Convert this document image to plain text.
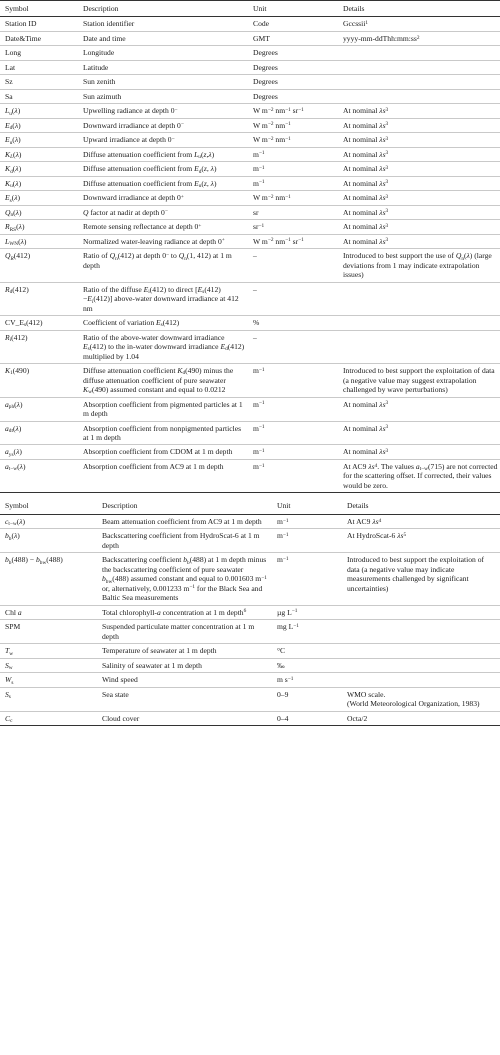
Symbol	Description	Unit	Details
Station ID	Station identifier	Code	Gccssii$^1$
Date&Time	Date and time	GMT	yyyy-$mm-ddThh:mm:ss^2$
Long	Longitude	Degrees	
Lat	Latitude	Degrees	
Sz	Sun zenith	Degrees	
Sa	Sun azimuth	Degrees	
$L_u(\lambda)$	Upwelling radiance at depth 0−	W $m^{-2}$ $nm^{-1}$ $sr^{-1}$	At nominal $\lambda s^3$
$E_d(\lambda)$	Downward irradiance at depth 0−	W $m^{-2}$ $nm^{-1}$	At nominal $\lambda s^3$
$E_u(\lambda)$	Upward irradiance at depth 0−	W $m^{-2}$ $nm^{-1}$	At nominal $\lambda s^3$
$K_L(\lambda)$	Diffuse attenuation coefficient from $L_u(z,\lambda)$	$m^{-1}$	At nominal $\lambda s^3$
$K_d(\lambda)$	Diffuse attenuation coefficient from $E_d(z$, λ)	$m^{-1}$	At nominal $\lambda s^3$
$K_u(\lambda)$	Diffuse attenuation coefficient from $E_u(z$, λ)	$m^{-1}$	At nominal $\lambda s^3$
$E_s(\lambda)$	Downward irradiance at depth 0+	W $m^{-2}$ $nm^{-1}$	At nominal $\lambda s^3$
$Q_n(\lambda)$	Q factor at nadir at depth 0−	sr	At nominal $\lambda s^3$
$R_{RS}(\lambda)$	Remote sensing reflectance at depth 0+	$sr^{-1}$	At nominal $\lambda s^3$
$L_{WN}(\lambda)$	Normalized water-leaving radiance at depth 0+	W $m^{-2}$ $nm^{-1}$ $sr^{-1}$	At nominal $\lambda s^3$
$Q_R(412)$	Ratio of $Q_n(412)$ at depth 0− to $Q_n(1$, 412) at 1 m depth	–	Introduced to best support the use of $Q_n(\lambda)$ (large deviations from 1 may indicate extrapolation issues)
$R_d(412)$	Ratio of the diffuse $E_i(412)$ to direct $[E_s(412) -E_i(412)]$ above-water downward irradiance at 412 nm	–	
$CV\_E_s(412)$	Coefficient of variation $E_s(412)$	%	
$R_i(412)$	Ratio of the above-water downward irradiance $E_s(412)$ to the in-water downward irradiance $E_d(412)$ multiplied by 1.04	–	
$K_1(490)$	Diffuse attenuation coefficient $K_d(490)$ minus the diffuse attenuation coefficient of pure seawater $K_w(490)$ assumed constant and equal to 0.0212	$m^{-1}$	Introduced to best support the exploitation of data (a negative value may suggest extrapolation challenged by wave perturbations)
$a_{ph}(\lambda)$	Absorption coefficient from pigmented particles at 1 m depth	$m^{-1}$	At nominal $\lambda s^3$
$a_{dt}(\lambda)$	Absorption coefficient from nonpigmented particles at 1 m depth	$m^{-1}$	At nominal $\lambda s^3$
$a_{ys}(\lambda)$	Absorption coefficient from CDOM at 1 m depth	$m^{-1}$	At nominal $\lambda s^3$
$a_{t-w}(\lambda)$	Absorption coefficient from AC9 at 1 m depth	$m^{-1}$	At AC9 $\lambda s^4$. The values $a_{t-w}(715)$ are not corrected for the scattering offset. If corrected, their values would be zero.
Symbol	Description	Unit	Details
$c_{t-w}(\lambda)$	Beam attenuation coefficient from AC9 at 1 m depth	$m^{-1}$	At AC9 $\lambda s^4$
$b_b(\lambda)$	Backscattering coefficient from HydroScat-6 at 1 m depth	$m^{-1}$	At HydroScat-6 $\lambda s^5$
$b_b(488) - b_{bw}(488)$	Backscattering coefficient $b_b(488)$ at 1 m depth minus the backscattering coefficient of pure seawater $b_{bw}(488)$ assumed constant and equal to 0.001603 $m^{-1}$ or, alternatively, 0.001233 $m^{-1}$ for the Black Sea and Baltic Sea measurements	$m^{-1}$	Introduced to best support the exploitation of data (a negative value may indicate measurements challenged by significant uncertainties)
Chl a	Total chlorophyll-a concentration at 1 m depth$^6$	µg $L^{-1}$	
SPM	Suspended particulate matter concentration at 1 m depth	mg $L^{-1}$	
$T_w$	Temperature of seawater at 1 m depth	°C	
$S_w$	Salinity of seawater at 1 m depth	‰	
$W_s$	Wind speed	m $s^{-1}$	
$S_s$	Sea state	0–9	WMO scale.
(World Meteorological Organization, 1983)
$C_c$	Cloud cover	0–4	Octa/2
